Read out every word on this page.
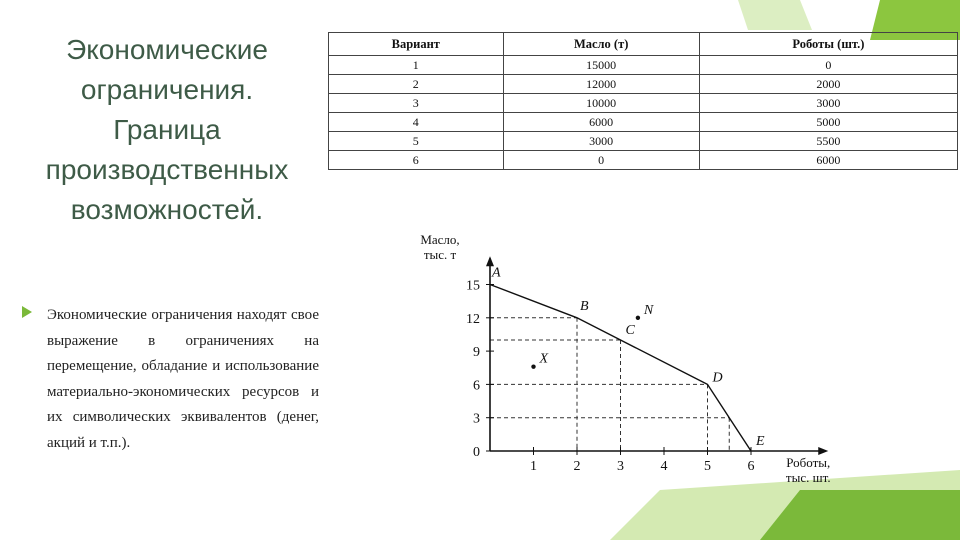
Экономические
ограничения.
Граница
производственных
возможностей.
Экономические ограничения находят свое выражение в ограничениях на перемещение, обладание и использование материально-экономических ресурсов и их символических эквивалентов (денег, акций и т.п.).
Вариант	Масло (т)	Роботы (шт.)
1	15000	0
2	12000	2000
3	10000	3000
4	6000	5000
5	3000	5500
6	0	6000
0
3
6
9
12
15
1	2	3	4	5	6
Масло,
тыс. т
Роботы,
тыс. шт.
A
B
C
D
E
N
X
